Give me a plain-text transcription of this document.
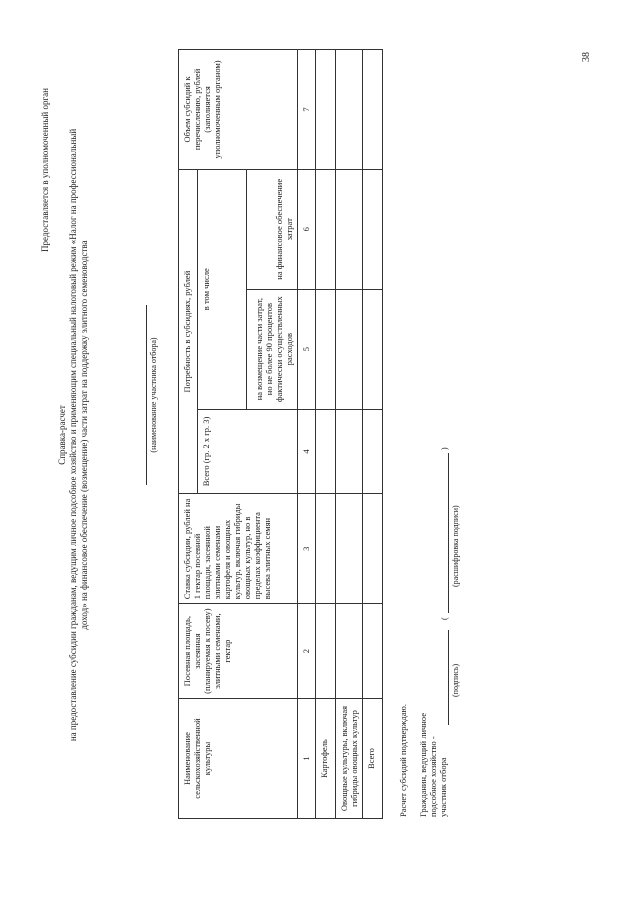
38
Предоставляется в уполномоченный орган
Справка-расчет на предоставление субсидии гражданам, ведущим личное подсобное хозяйство и применяющим специальный налоговый режим «Налог на профессиональный доход» на финансовое обеспечение (возмещение) части затрат на поддержку элитного семеноводства	(наименование участника отбора)
Наименование сельскохозяйственной культуры	Посевная площадь, засеянная (планируемая к посеву) элитными семенами, гектар	Ставка субсидии, рублей на 1 гектар посевной площади, засеянной элитными семенами картофеля и овощных культур, включая гибриды овощных культур, но в пределах коэффициента высева элитных семян	Потребность в субсидиях, рублей			Объем субсидий к перечислению, рублей (заполняется уполномоченным органом)
			Всего (гр. 2 x гр. 3)	в том числе		
				на возмещение части затрат, но не более 90 процентов фактически осуществленных расходов	на финансовое обеспечение затрат	
1	2	3	4	5	6	7
Картофель						
Овощные культуры, включая гибриды овощных культур						
Всего							Расчет субсидий подтверждаю. Гражданин, ведущий личное подсобное хозяйство - участник отбора
(подпись)
(
)
(расшифровка подписи)
